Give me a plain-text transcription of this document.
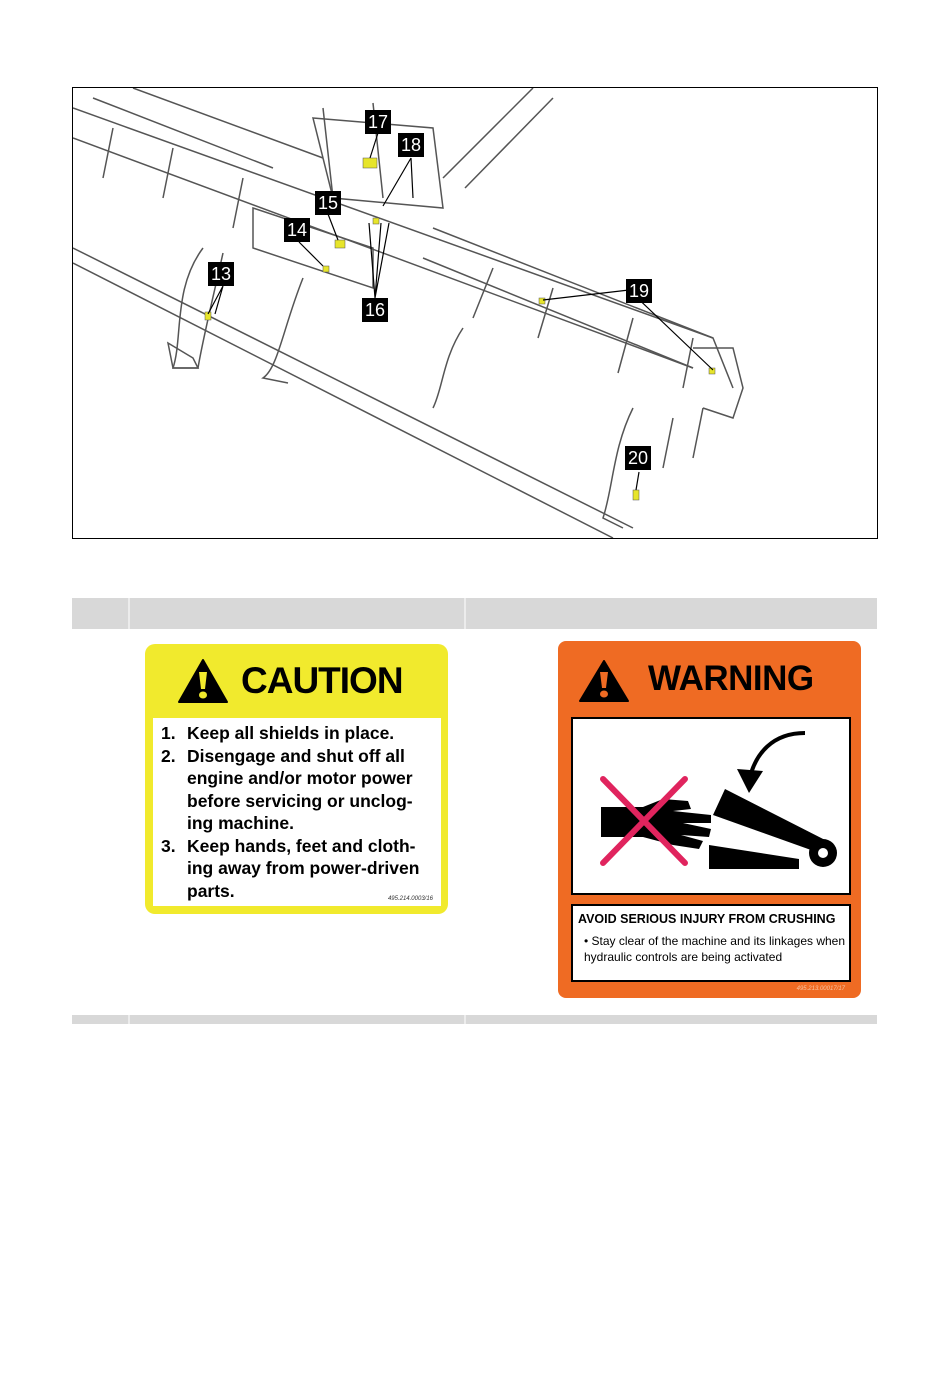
13
14
15
16
17
18
19
20
CAUTION
1. Keep all shields in place.
2. Disengage and shut off all engine and/or motor power before servicing or unclog-ing machine.
3. Keep hands, feet and cloth-ing away from power-driven parts.	495.214.0003/16
WARNING
AVOID SERIOUS INJURY FROM CRUSHING
• Stay clear of the machine and its linkages when hydraulic controls are being activated
495.213.00017/17
